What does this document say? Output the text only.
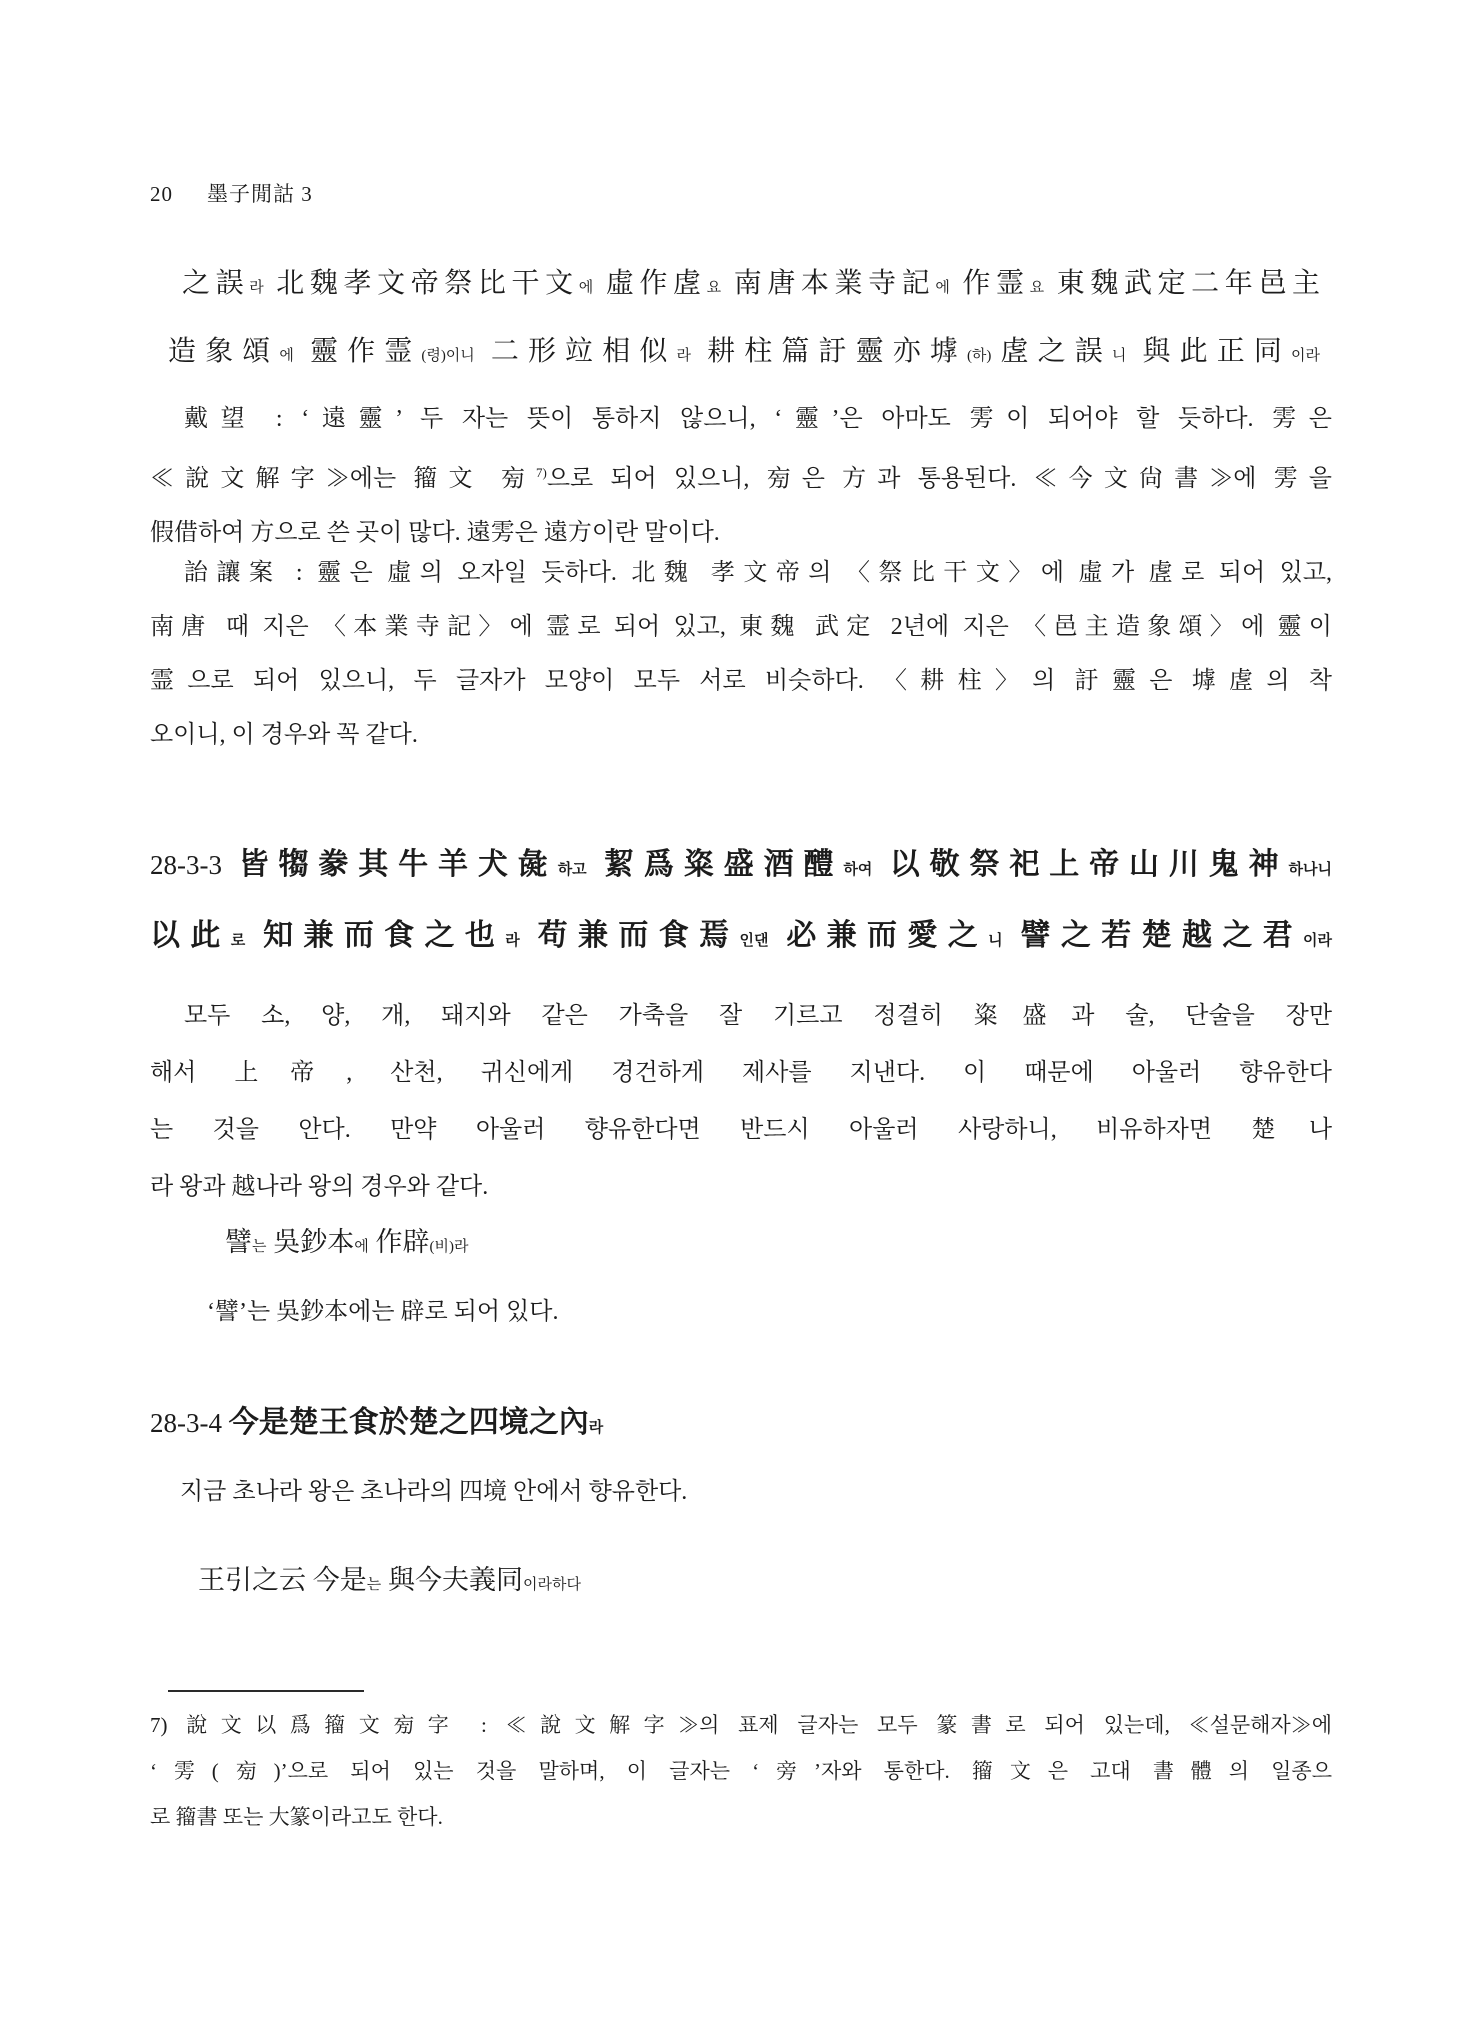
20 墨子閒詁 3
之誤라 北魏孝文帝祭比干文에 虛作虗요 南唐本業寺記에 作霊요 東魏武定二年邑主
造象頌에 靈作霊(령)이니 二形竝相似라 耕柱篇訏靈亦㙤(하)虗之誤니 與此正同이라
戴望 : ‘遠靈’ 두 자는 뜻이 통하지 않으니, ‘靈’은 아마도 雱이 되어야 할 듯하다. 雱은
≪說文解字≫에는 籀文 㫄$^{7)}$으로 되어 있으니, 㫄은 方과 통용된다. ≪今文尙書≫에 雱을
假借하여 方으로 쓴 곳이 많다. 遠雱은 遠方이란 말이다.
詒讓案 : 靈은 虛의 오자일 듯하다. 北魏 孝文帝의 〈祭比干文〉에 虛가 虗로 되어 있고,
南唐 때 지은 〈本業寺記〉에 霊로 되어 있고, 東魏 武定 2년에 지은 〈邑主造象頌〉에 靈이
霊으로 되어 있으니, 두 글자가 모양이 모두 서로 비슷하다. 〈耕柱〉의 訏靈은 㙤虗의 착
오이니, 이 경우와 꼭 같다.
28-3-3 皆犓豢其牛羊犬彘하고 絜爲粢盛酒醴하여 以敬祭祀上帝山川鬼神하나니
以此로 知兼而食之也라 苟兼而食焉인댄 必兼而愛之니 譬之若楚越之君이라
모두 소, 양, 개, 돼지와 같은 가축을 잘 기르고 정결히 粢盛과 술, 단술을 장만
해서 上帝, 산천, 귀신에게 경건하게 제사를 지낸다. 이 때문에 아울러 향유한다
는 것을 안다. 만약 아울러 향유한다면 반드시 아울러 사랑하니, 비유하자면 楚나
라 왕과 越나라 왕의 경우와 같다.
譬는 吳鈔本에 作辟(비)라
‘譬’는 吳鈔本에는 辟로 되어 있다.
28-3-4 今是楚王食於楚之四境之內라
지금 초나라 왕은 초나라의 四境 안에서 향유한다.
王引之云 今是는 與今夫義同이라하다
7) 說文以爲籀文㫄字 : ≪說文解字≫의 표제 글자는 모두 篆書로 되어 있는데, ≪설문해자≫에
‘雱(㫄)’으로 되어 있는 것을 말하며, 이 글자는 ‘旁’자와 통한다. 籀文은 고대 書體의 일종으
로 籀書 또는 大篆이라고도 한다.
